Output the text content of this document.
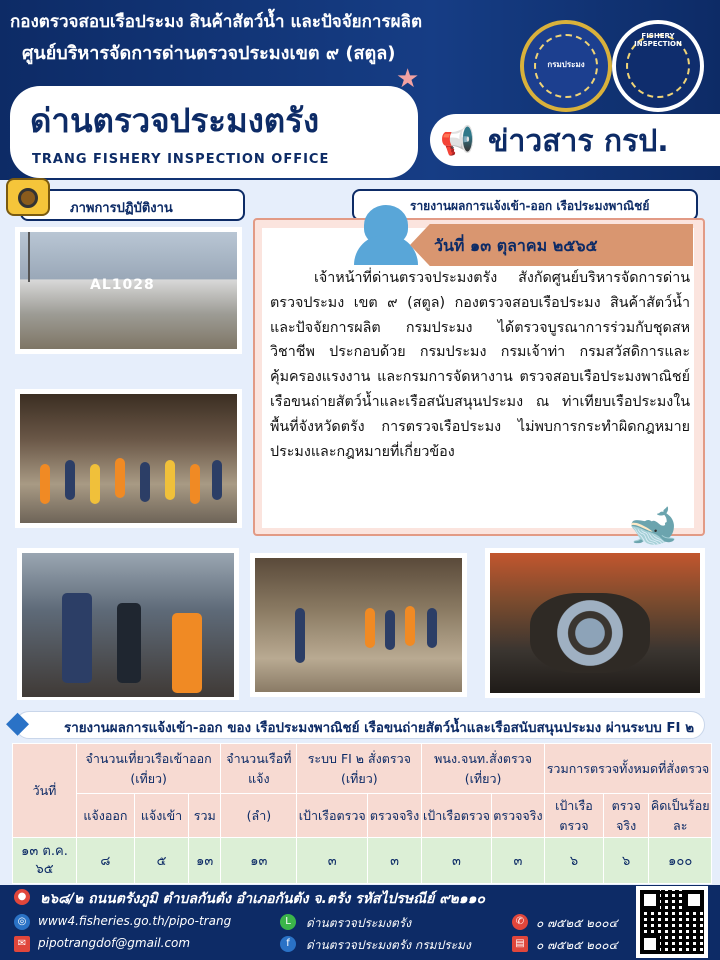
กองตรวจสอบเรือประมง สินค้าสัตว์น้ำ และปัจจัยการผลิต
ศูนย์บริหารจัดการด่านตรวจประมงเขต ๙ (สตูล)
กรมประมง
FISHERY INSPECTION
ด่านตรวจประมงตรัง
TRANG FISHERY INSPECTION OFFICE
★
📢 ข่าวสาร กรป.
ภาพการปฏิบัติงาน	รายงานผลการแจ้งเข้า-ออก เรือประมงพาณิชย์
AL1028
วันที่ ๑๓ ตุลาคม ๒๕๖๕
เจ้าหน้าที่ด่านตรวจประมงตรัง สังกัดศูนย์บริหารจัดการด่านตรวจประมง เขต ๙ (สตูล) กองตรวจสอบเรือประมง สินค้าสัตว์น้ำ และปัจจัยการผลิต กรมประมง ได้ตรวจบูรณาการร่วมกับชุดสหวิชาชีพ ประกอบด้วย กรมประมง กรมเจ้าท่า กรมสวัสดิการและคุ้มครองแรงงาน และกรมการจัดหางาน ตรวจสอบเรือประมงพาณิชย์ เรือขนถ่ายสัตว์น้ำและเรือสนับสนุนประมง ณ ท่าเทียบเรือประมงในพื้นที่จังหวัดตรัง การตรวจเรือประมง ไม่พบการกระทำผิดกฎหมายประมงและกฎหมายที่เกี่ยวข้อง
🐋
รายงานผลการแจ้งเข้า-ออก ของ เรือประมงพาณิชย์ เรือขนถ่ายสัตว์น้ำและเรือสนับสนุนประมง ผ่านระบบ FI ๒
◆
วันที่	จำนวนเที่ยวเรือเข้าออก (เที่ยว)			จำนวนเรือที่แจ้ง	ระบบ FI ๒ สั่งตรวจ (เที่ยว)		พนง.จนท.สั่งตรวจ (เที่ยว)		รวมการตรวจทั้งหมดที่สั่งตรวจ		
	แจ้งออก	แจ้งเข้า	รวม	(ลำ)	เป้าเรือตรวจ	ตรวจจริง	เป้าเรือตรวจ	ตรวจจริง	เป้าเรือตรวจ	ตรวจจริง	คิดเป็นร้อยละ
๑๓ ต.ค. ๖๕	๘	๕	๑๓	๑๓	๓	๓	๓	๓	๖	๖	๑๐๐
● ๒๖๘/๒ ถนนตรังภูมิ ตำบลกันตัง อำเภอกันตัง จ.ตรัง รหัสไปรษณีย์ ๙๒๑๑๐
◎ www4.fisheries.go.th/pipo-trang
✉ pipotrangdof@gmail.com
L	ด่านตรวจประมงตรัง
f	ด่านตรวจประมงตรัง กรมประมง
✆ ๐ ๗๕๒๕ ๒๐๐๔
▤ ๐ ๗๕๒๕ ๒๐๐๔
